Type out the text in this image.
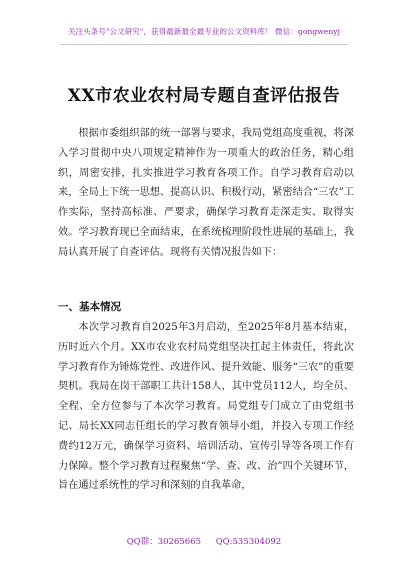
关注头条号"公文研究"，获得最新最全最专业的公文资料库！ 微信：gongwenyj
XX市农业农村局专题自查评估报告
根据市委组织部的统一部署与要求，我局党组高度重视，将深入学习贯彻中央八项规定精神作为一项重大的政治任务，精心组织，周密安排，扎实推进学习教育各项工作。自学习教育启动以来，全局上下统一思想、提高认识、积极行动，紧密结合“三农”工作实际，坚持高标准、严要求，确保学习教育走深走实、取得实效。学习教育现已全面结束，在系统梳理阶段性进展的基础上，我局认真开展了自查评估。现将有关情况报告如下：
一、基本情况
本次学习教育自2025年3月启动，至2025年8月基本结束，历时近六个月。XX市农业农村局党组坚决扛起主体责任，将此次学习教育作为锤炼党性、改进作风、提升效能、服务“三农”的重要契机。我局在岗干部职工共计158人，其中党员112人，均全员、全程、全方位参与了本次学习教育。局党组专门成立了由党组书记、局长XX同志任组长的学习教育领导小组，并投入专项工作经费约12万元，确保学习资料、培训活动、宣传引导等各项工作有力保障。整个学习教育过程聚焦“学、查、改、治”四个关键环节，旨在通过系统性的学习和深刻的自我革命，
QQ群：30265665 QQ:535304092
